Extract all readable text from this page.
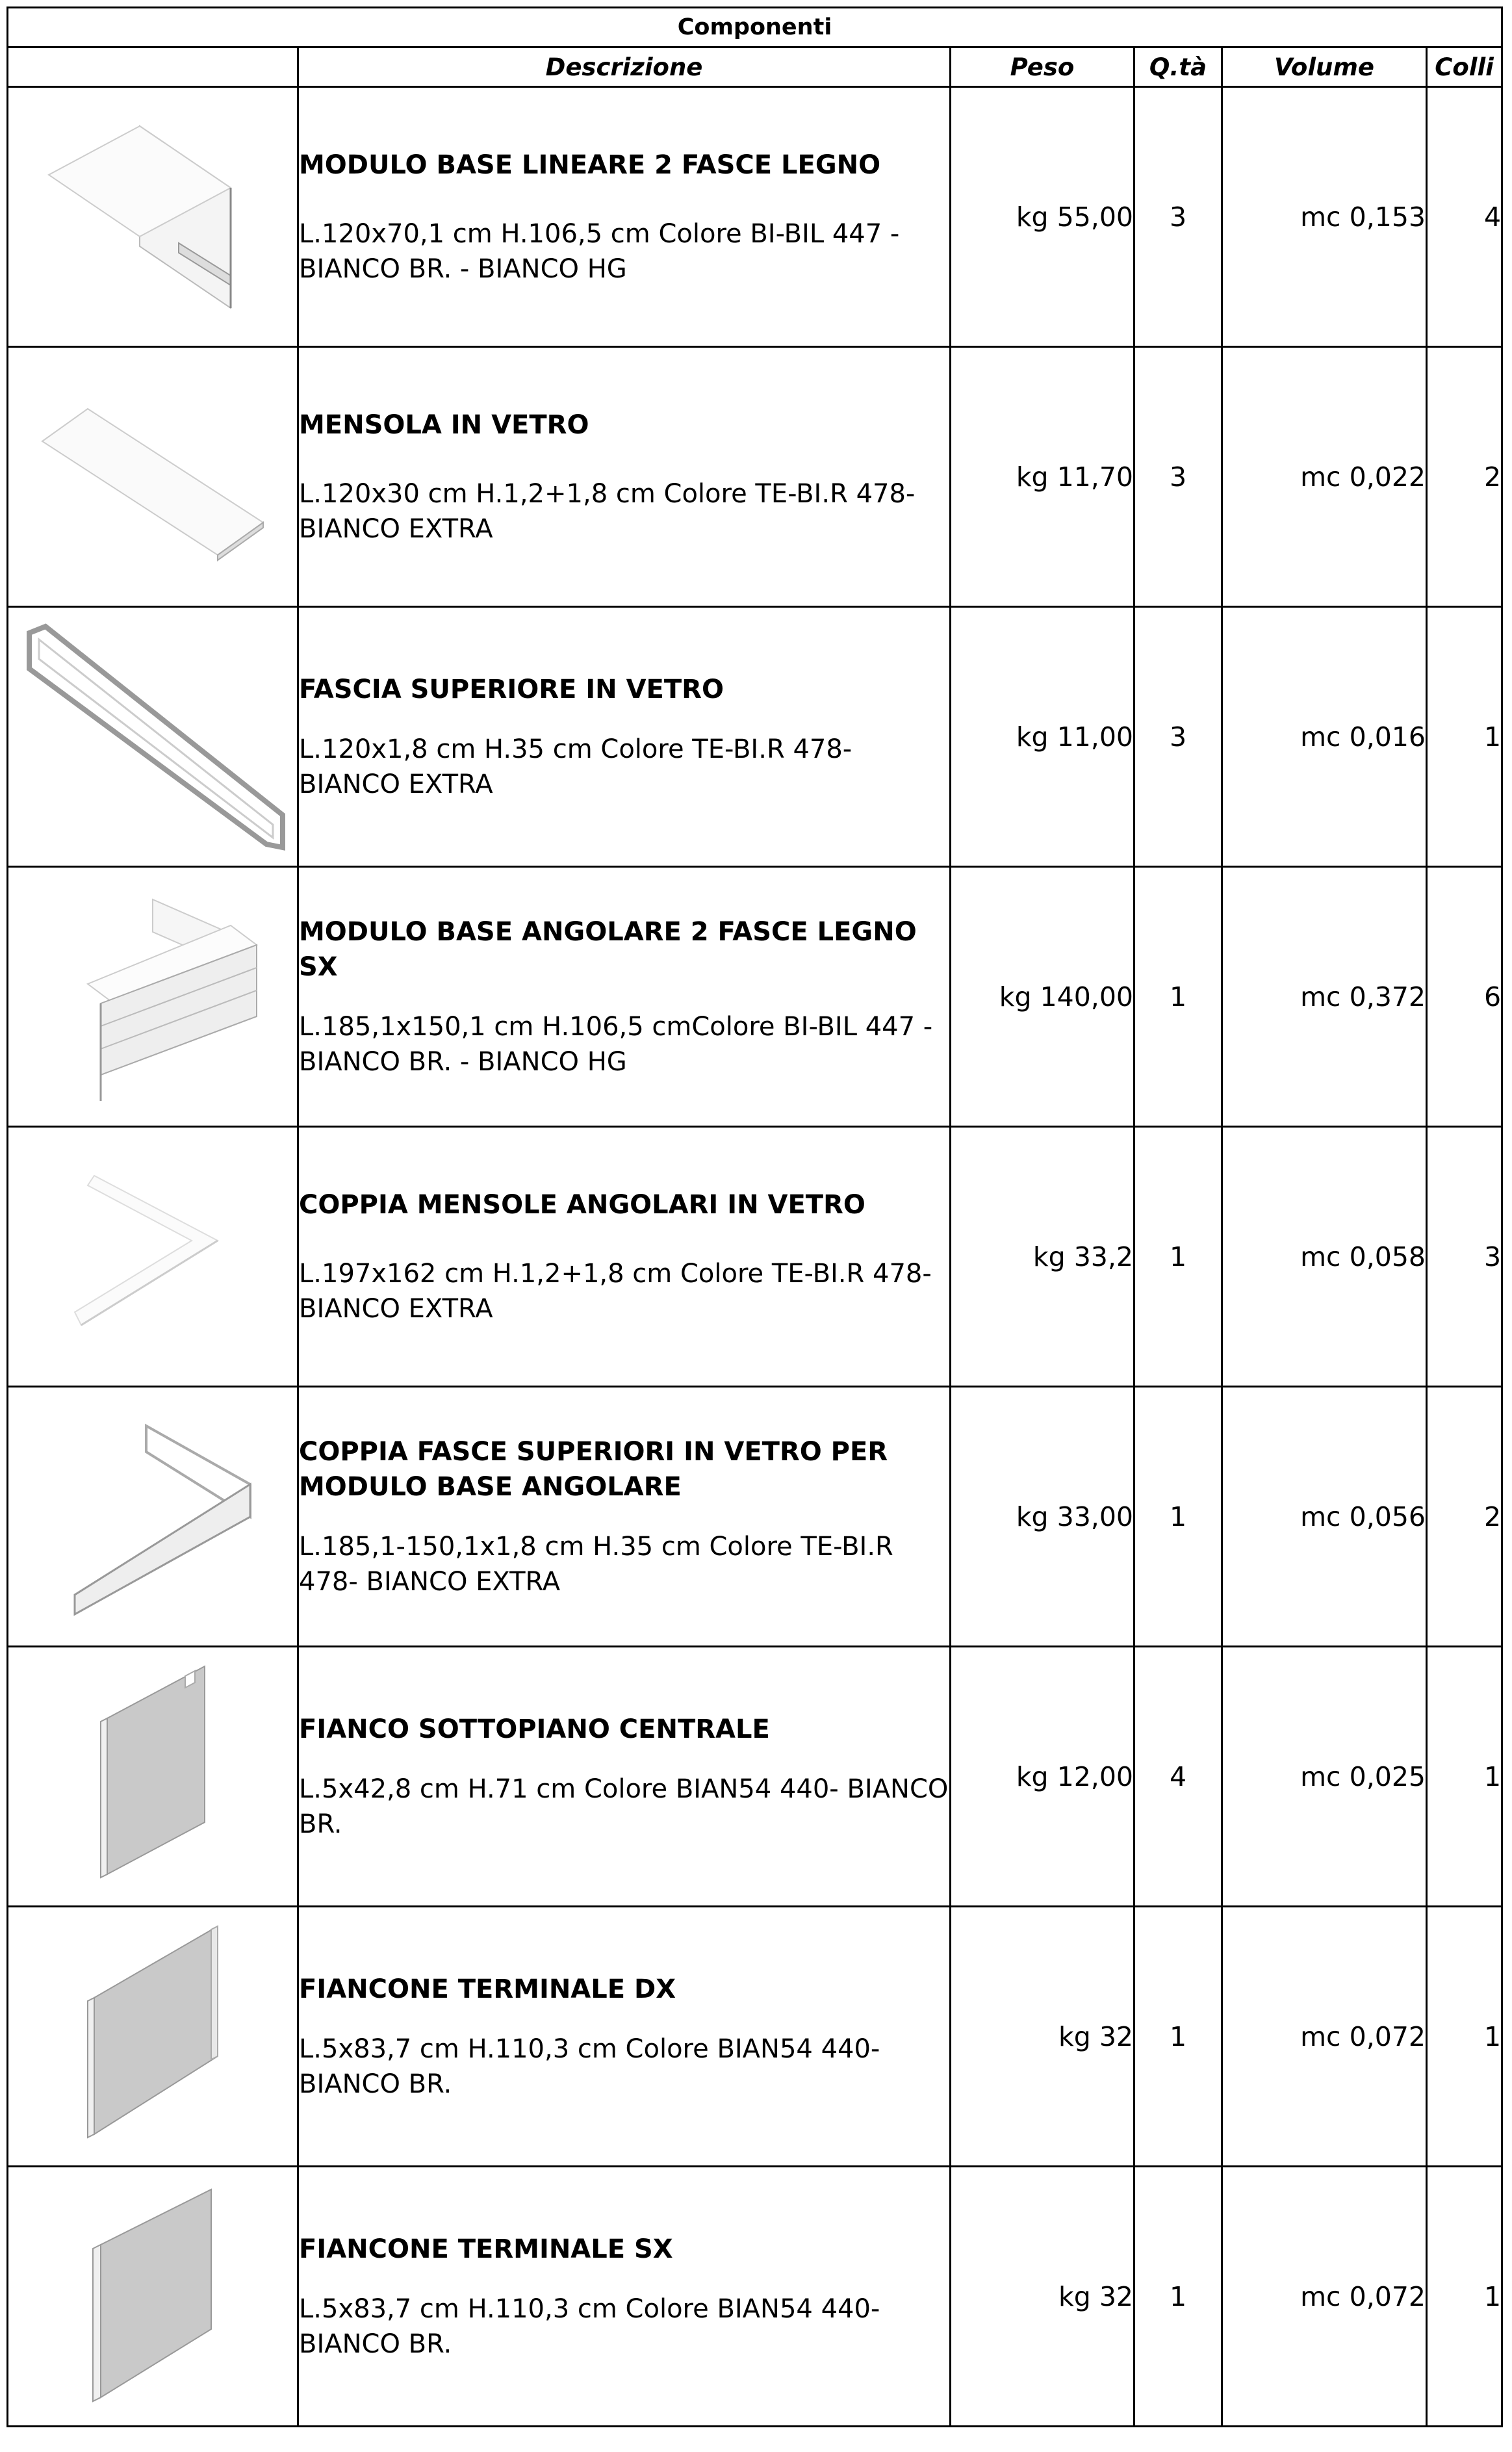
Componenti					
	Descrizione	Peso	Q.tà	Volume	Colli

MODULO BASE LINEARE 2 FASCE LEGNO
L.120x70,1 cm H.106,5 cm Colore BI-BIL 447 - BIANCO BR. - BIANCO HG	kg 55,00	3	mc 0,153	4

MENSOLA IN VETRO
L.120x30 cm H.1,2+1,8 cm Colore TE-BI.R 478- BIANCO EXTRA	kg 11,70	3	mc 0,022	2

FASCIA SUPERIORE IN VETRO
L.120x1,8 cm H.35 cm Colore TE-BI.R 478- BIANCO EXTRA	kg 11,00	3	mc 0,016	1

MODULO BASE ANGOLARE 2 FASCE LEGNO SX
L.185,1x150,1 cm H.106,5 cmColore BI-BIL 447 - BIANCO BR. - BIANCO HG	kg 140,00	1	mc 0,372	6

COPPIA MENSOLE ANGOLARI IN VETRO
L.197x162 cm H.1,2+1,8 cm Colore TE-BI.R 478- BIANCO EXTRA	kg 33,2	1	mc 0,058	3

COPPIA FASCE SUPERIORI IN VETRO PER MODULO BASE ANGOLARE
L.185,1-150,1x1,8 cm H.35 cm Colore TE-BI.R 478- BIANCO EXTRA	kg 33,00	1	mc 0,056	2

FIANCO SOTTOPIANO CENTRALE
L.5x42,8 cm H.71 cm Colore BIAN54 440- BIANCO BR.	kg 12,00	4	mc 0,025	1

FIANCONE TERMINALE DX
L.5x83,7 cm H.110,3 cm Colore BIAN54 440- BIANCO BR.	kg 32	1	mc 0,072	1

FIANCONE TERMINALE SX
L.5x83,7 cm H.110,3 cm Colore BIAN54 440- BIANCO BR.	kg 32	1	mc 0,072	1
